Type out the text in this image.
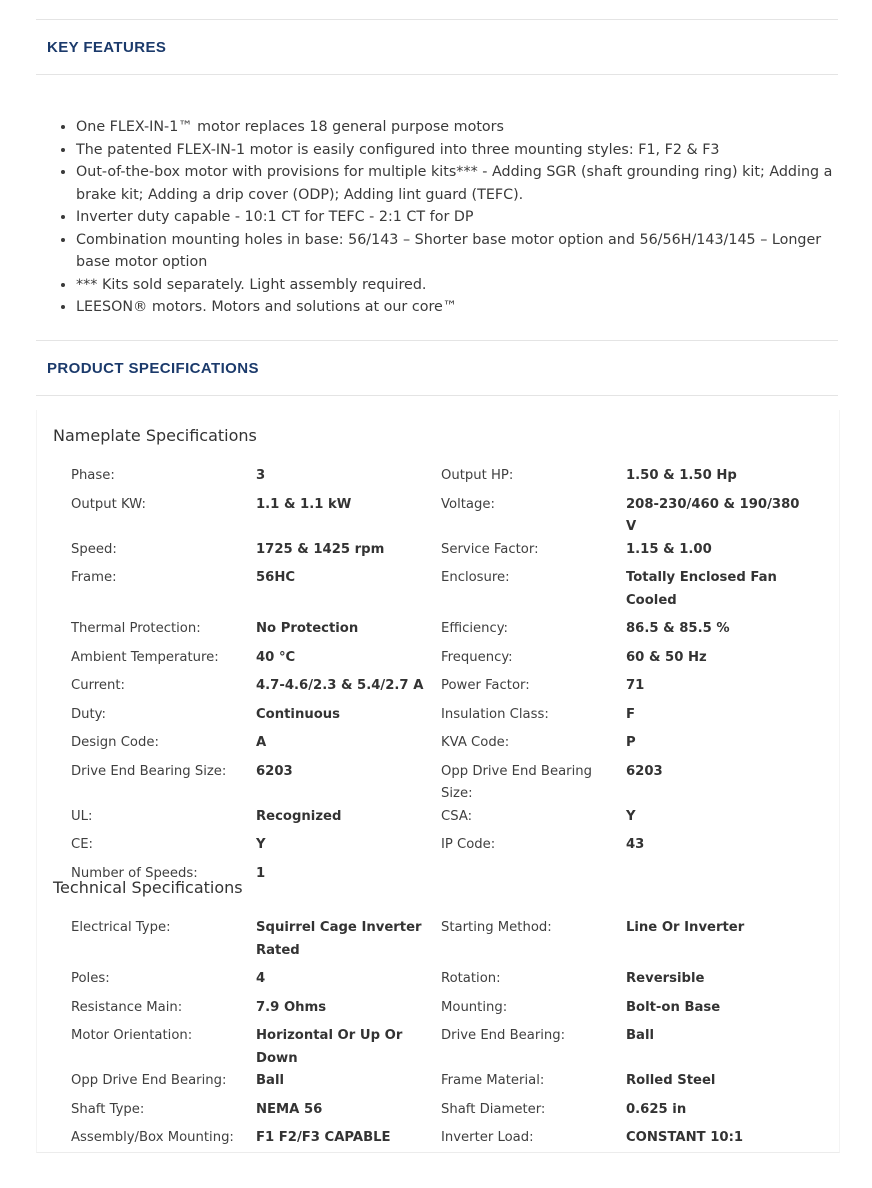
KEY FEATURES
• One FLEX-IN-1™ motor replaces 18 general purpose motors
• The patented FLEX-IN-1 motor is easily configured into three mounting styles: F1, F2 & F3
• Out-of-the-box motor with provisions for multiple kits*** - Adding SGR (shaft grounding ring) kit; Adding a brake kit; Adding a drip cover (ODP); Adding lint guard (TEFC).
• Inverter duty capable - 10:1 CT for TEFC - 2:1 CT for DP
• Combination mounting holes in base: 56/143 – Shorter base motor option and 56/56H/143/145 – Longer base motor option
• *** Kits sold separately. Light assembly required.
• LEESON® motors. Motors and solutions at our core™
PRODUCT SPECIFICATIONS
Nameplate Specifications
Phase:	3	Output HP:	1.50 & 1.50 Hp
Output KW:	1.1 & 1.1 kW	Voltage:	208-230/460 & 190/380 V
Speed:	1725 & 1425 rpm	Service Factor:	1.15 & 1.00
Frame:	56HC	Enclosure:	Totally Enclosed Fan Cooled
Thermal Protection:	No Protection	Efficiency:	86.5 & 85.5 %
Ambient Temperature:	40 °C	Frequency:	60 & 50 Hz
Current:	4.7-4.6/2.3 & 5.4/2.7 A	Power Factor:	71
Duty:	Continuous	Insulation Class:	F
Design Code:	A	KVA Code:	P
Drive End Bearing Size:	6203	Opp Drive End Bearing Size:	6203
UL:	Recognized	CSA:	Y
CE:	Y	IP Code:	43
Number of Speeds:	1		
Technical Specifications
Electrical Type:	Squirrel Cage Inverter Rated	Starting Method:	Line Or Inverter
Poles:	4	Rotation:	Reversible
Resistance Main:	7.9 Ohms	Mounting:	Bolt-on Base
Motor Orientation:	Horizontal Or Up Or Down	Drive End Bearing:	Ball
Opp Drive End Bearing:	Ball	Frame Material:	Rolled Steel
Shaft Type:	NEMA 56	Shaft Diameter:	0.625 in
Assembly/Box Mounting:	F1 F2/F3 CAPABLE	Inverter Load:	CONSTANT 10:1
